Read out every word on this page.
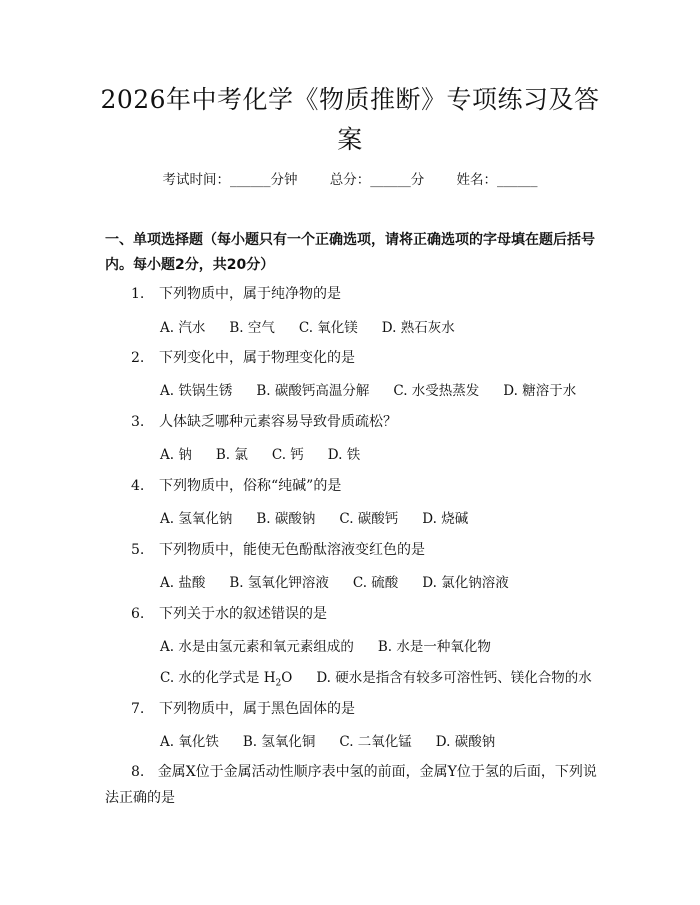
2026年中考化学《物质推断》专项练习及答案
考试时间：______分钟 总分：______分 姓名：______
一、单项选择题（每小题只有一个正确选项，请将正确选项的字母填在题后括号内。每小题2分，共20分）
1. 下列物质中，属于纯净物的是
A. 汽水 B. 空气 C. 氧化镁 D. 熟石灰水
2. 下列变化中，属于物理变化的是
A. 铁锅生锈 B. 碳酸钙高温分解 C. 水受热蒸发 D. 糖溶于水
3. 人体缺乏哪种元素容易导致骨质疏松？
A. 钠 B. 氯 C. 钙 D. 铁
4. 下列物质中，俗称“纯碱”的是
A. 氢氧化钠 B. 碳酸钠 C. 碳酸钙 D. 烧碱
5. 下列物质中，能使无色酚酞溶液变红色的是
A. 盐酸 B. 氢氧化钾溶液 C. 硫酸 D. 氯化钠溶液
6. 下列关于水的叙述错误的是
A. 水是由氢元素和氧元素组成的 B. 水是一种氧化物
C. 水的化学式是 $H_2O$ D. 硬水是指含有较多可溶性钙、镁化合物的水
7. 下列物质中，属于黑色固体的是
A. 氧化铁 B. 氢氧化铜 C. 二氧化锰 D. 碳酸钠
8. 金属X位于金属活动性顺序表中氢的前面，金属Y位于氢的后面，下列说法正确的是
